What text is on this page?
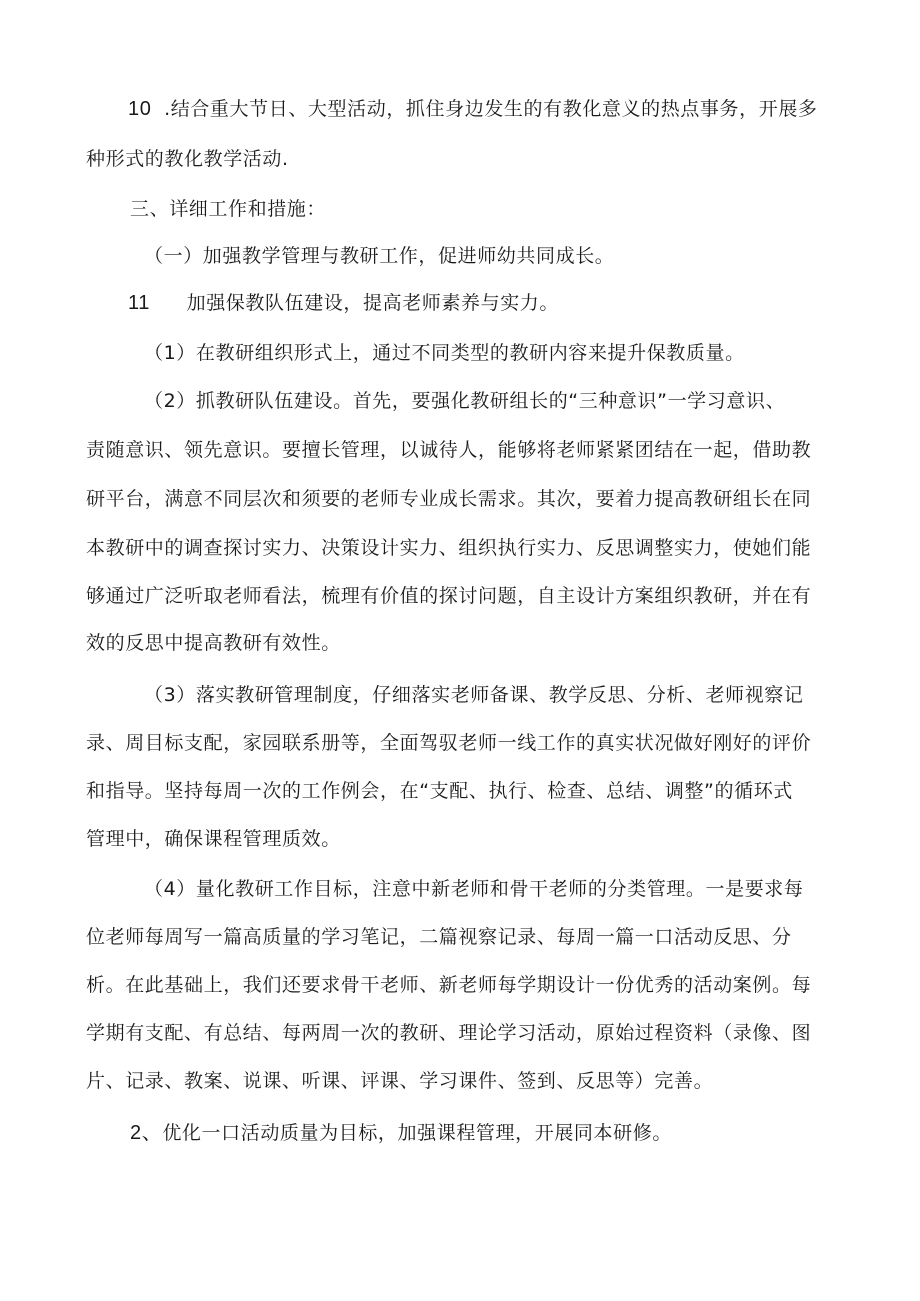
10 .结合重大节日、大型活动，抓住身边发生的有教化意义的热点事务，开展多
种形式的教化教学活动.
三、详细工作和措施：
（一）加强教学管理与教研工作，促进师幼共同成长。
11 加强保教队伍建设，提高老师素养与实力。
（1）在教研组织形式上，通过不同类型的教研内容来提升保教质量。
（2）抓教研队伍建设。首先，要强化教研组长的“三种意识”一学习意识、
责随意识、领先意识。要擅长管理，以诚待人，能够将老师紧紧团结在一起，借助教
研平台，满意不同层次和须要的老师专业成长需求。其次，要着力提高教研组长在同
本教研中的调查探讨实力、决策设计实力、组织执行实力、反思调整实力，使她们能
够通过广泛听取老师看法，梳理有价值的探讨问题，自主设计方案组织教研，并在有
效的反思中提高教研有效性。
（3）落实教研管理制度，仔细落实老师备课、教学反思、分析、老师视察记
录、周目标支配，家园联系册等，全面驾驭老师一线工作的真实状况做好刚好的评价
和指导。坚持每周一次的工作例会，在“支配、执行、检查、总结、调整”的循环式
管理中，确保课程管理质效。
（4）量化教研工作目标，注意中新老师和骨干老师的分类管理。一是要求每
位老师每周写一篇高质量的学习笔记，二篇视察记录、每周一篇一口活动反思、分
析。在此基础上，我们还要求骨干老师、新老师每学期设计一份优秀的活动案例。每
学期有支配、有总结、每两周一次的教研、理论学习活动，原始过程资料（录像、图
片、记录、教案、说课、听课、评课、学习课件、签到、反思等）完善。
2、优化一口活动质量为目标，加强课程管理，开展同本研修。
